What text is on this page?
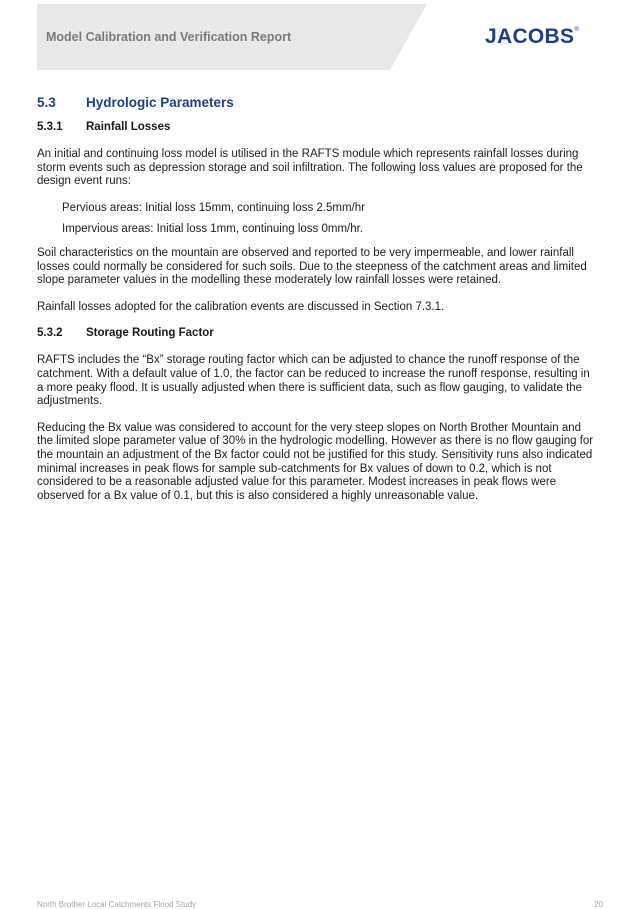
Model Calibration and Verification Report	JACOBS®
5.3	Hydrologic Parameters
5.3.1	Rainfall Losses

An initial and continuing loss model is utilised in the RAFTS module which represents rainfall losses during storm events such as depression storage and soil infiltration. The following loss values are proposed for the design event runs:

Pervious areas: Initial loss 15mm, continuing loss 2.5mm/hr
Impervious areas: Initial loss 1mm, continuing loss 0mm/hr.

Soil characteristics on the mountain are observed and reported to be very impermeable, and lower rainfall losses could normally be considered for such soils. Due to the steepness of the catchment areas and limited slope parameter values in the modelling these moderately low rainfall losses were retained.

Rainfall losses adopted for the calibration events are discussed in Section 7.3.1.

5.3.2	Storage Routing Factor

RAFTS includes the “Bx” storage routing factor which can be adjusted to chance the runoff response of the catchment. With a default value of 1.0, the factor can be reduced to increase the runoff response, resulting in a more peaky flood. It is usually adjusted when there is sufficient data, such as flow gauging, to validate the adjustments.

Reducing the Bx value was considered to account for the very steep slopes on North Brother Mountain and the limited slope parameter value of 30% in the hydrologic modelling. However as there is no flow gauging for the mountain an adjustment of the Bx factor could not be justified for this study. Sensitivity runs also indicated minimal increases in peak flows for sample sub-catchments for Bx values of down to 0.2, which is not considered to be a reasonable adjusted value for this parameter. Modest increases in peak flows were observed for a Bx value of 0.1, but this is also considered a highly unreasonable value.

North Brother Local Catchments Flood Study	20
